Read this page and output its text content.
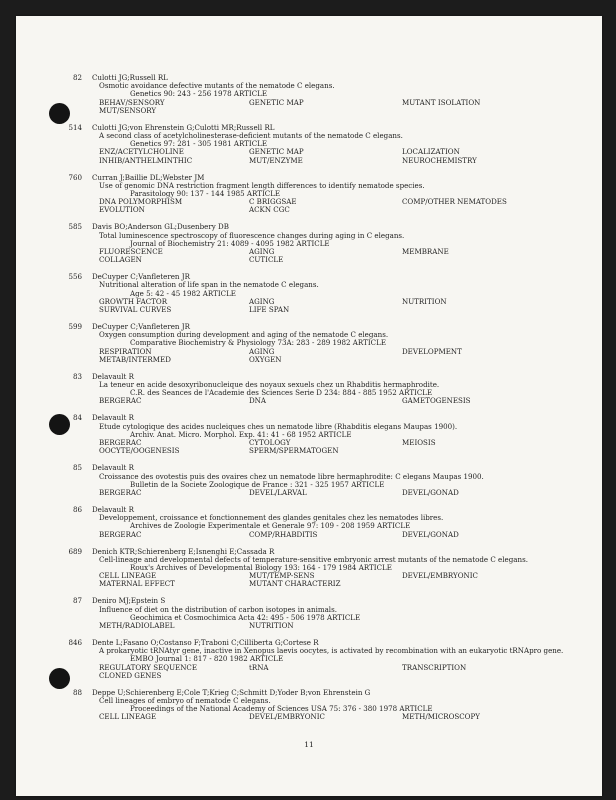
82 Culotti JG;Russell RL
Osmotic avoidance defective mutants of the nematode C elegans.
Genetics 90: 243 - 256 1978 ARTICLE
BEHAV/SENSORY	GENETIC MAP	MUTANT ISOLATION
MUT/SENSORY
514 Culotti JG;von Ehrenstein G;Culotti MR;Russell RL
A second class of acetylcholinesterase-deficient mutants of the nematode C elegans.
Genetics 97: 281 - 305 1981 ARTICLE
ENZ/ACETYLCHOLINE	GENETIC MAP	LOCALIZATION
INHIB/ANTHELMINTHIC	MUT/ENZYME	NEUROCHEMISTRY
760 Curran J;Baillie DL;Webster JM
Use of genomic DNA restriction fragment length differences to identify nematode species.
Parasitology 90: 137 - 144 1985 ARTICLE
DNA POLYMORPHISM	C BRIGGSAE	COMP/OTHER NEMATODES
EVOLUTION	ACKN CGC
585 Davis BO;Anderson GL;Dusenbery DB
Total luminescence spectroscopy of fluorescence changes during aging in C elegans.
Journal of Biochemistry 21: 4089 - 4095 1982 ARTICLE
FLUORESCENCE	AGING	MEMBRANE
COLLAGEN	CUTICLE
556 DeCuyper C;Vanfleteren JR
Nutritional alteration of life span in the nematode C elegans.
Age 5: 42 - 45 1982 ARTICLE
GROWTH FACTOR	AGING	NUTRITION
SURVIVAL CURVES	LIFE SPAN
599 DeCuyper C;Vanfleteren JR
Oxygen consumption during development and aging of the nematode C elegans.
Comparative Biochemistry & Physiology 73A: 283 - 289 1982 ARTICLE
RESPIRATION	AGING	DEVELOPMENT
METAB/INTERMED	OXYGEN
83 Delavault R
La teneur en acide desoxyribonucleique des noyaux sexuels chez un Rhabditis hermaphrodite.
C.R. des Seances de l'Academie des Sciences Serie D 234: 884 - 885 1952 ARTICLE
BERGERAC	DNA	GAMETOGENESIS
84 Delavault R
Etude cytologique des acides nucleiques ches un nematode libre (Rhabditis elegans Maupas 1900).
Archiv. Anat. Micro. Morphol. Exp. 41: 41 - 68 1952 ARTICLE
BERGERAC	CYTOLOGY	MEIOSIS
OOCYTE/OOGENESIS	SPERM/SPERMATOGEN
85 Delavault R
Croissance des ovotestis puis des ovaires chez un nematode libre hermaphrodite: C elegans Maupas 1900.
Bulletin de la Societe Zoologique de France : 321 - 325 1957 ARTICLE
BERGERAC	DEVEL/LARVAL	DEVEL/GONAD
86 Delavault R
Developpement, croissance et fonctionnement des glandes genitales chez les nematodes libres.
Archives de Zoologie Experimentale et Generale 97: 109 - 208 1959 ARTICLE
BERGERAC	COMP/RHABDITIS	DEVEL/GONAD
689 Denich KTR;Schierenberg E;Isnenghi E;Cassada R
Cell-lineage and developmental defects of temperature-sensitive embryonic arrest mutants of the nematode C elegans.
Roux's Archives of Developmental Biology 193: 164 - 179 1984 ARTICLE
CELL LINEAGE	MUT/TEMP-SENS	DEVEL/EMBRYONIC
MATERNAL EFFECT	MUTANT CHARACTERIZ
87 Deniro MJ;Epstein S
Influence of diet on the distribution of carbon isotopes in animals.
Geochimica et Cosmochimica Acta 42: 495 - 506 1978 ARTICLE
METH/RADIOLABEL	NUTRITION
846 Dente L;Fasano O;Costanso F;Traboni C;Cilliberta G;Cortese R
A prokaryotic tRNAtyr gene, inactive in Xenopus laevis oocytes, is activated by recombination with an eukaryotic tRNApro gene.
EMBO Journal 1: 817 - 820 1982 ARTICLE
REGULATORY SEQUENCE	tRNA	TRANSCRIPTION
CLONED GENES
88 Deppe U;Schierenberg E;Cole T;Krieg C;Schmitt D;Yoder B;von Ehrenstein G
Cell lineages of embryo of nematode C elegans.
Proceedings of the National Academy of Sciences USA 75: 376 - 380 1978 ARTICLE
CELL LINEAGE	DEVEL/EMBRYONIC	METH/MICROSCOPY
11
